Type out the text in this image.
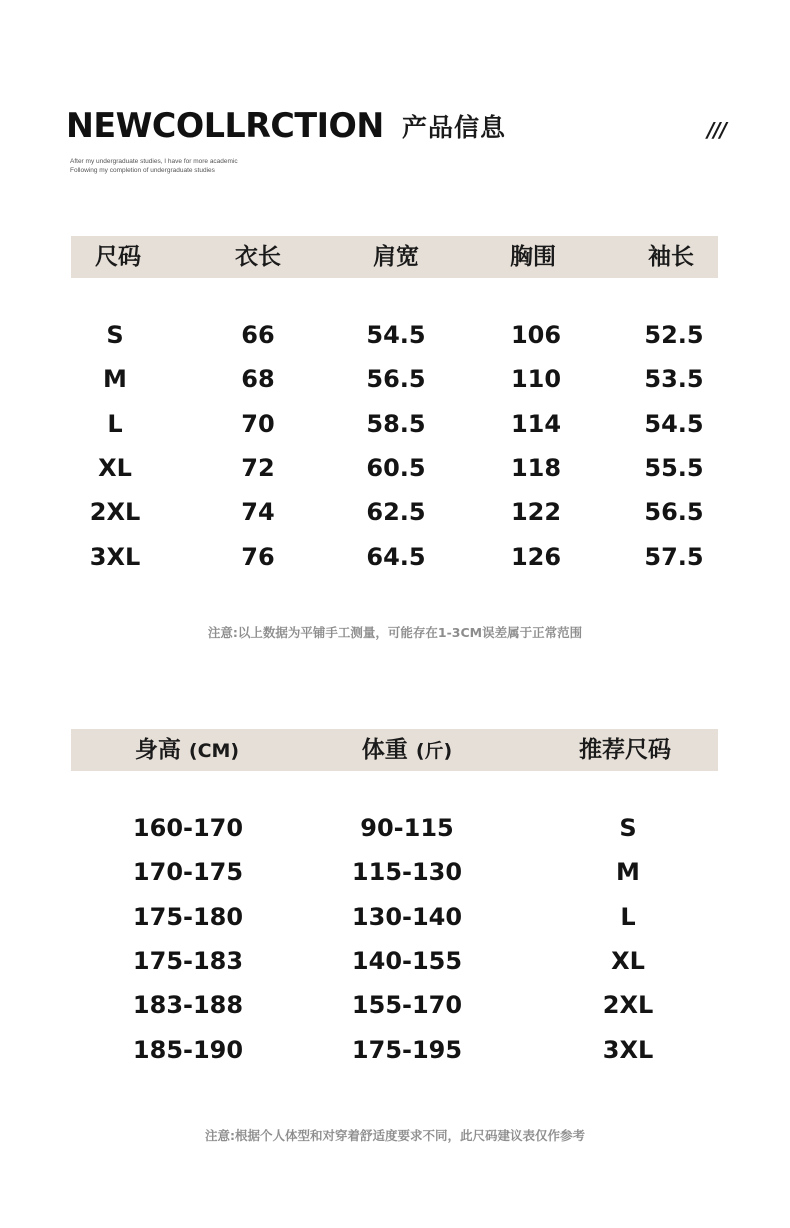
NEWCOLLRCTION 产品信息	///
After my undergraduate studies, I have for more academic
Following my completion of undergraduate studies
尺码	衣长	肩宽	胸围	袖长
S	66	54.5	106	52.5
M	68	56.5	110	53.5
L	70	58.5	114	54.5
XL	72	60.5	118	55.5
2XL	74	62.5	122	56.5
3XL	76	64.5	126	57.5
注意:以上数据为平铺手工测量，可能存在1-3CM误差属于正常范围
身高 (CM)	体重 (斤)	推荐尺码
160-170	90-115	S
170-175	115-130	M
175-180	130-140	L
175-183	140-155	XL
183-188	155-170	2XL
185-190	175-195	3XL
注意:根据个人体型和对穿着舒适度要求不同，此尺码建议表仅作参考
